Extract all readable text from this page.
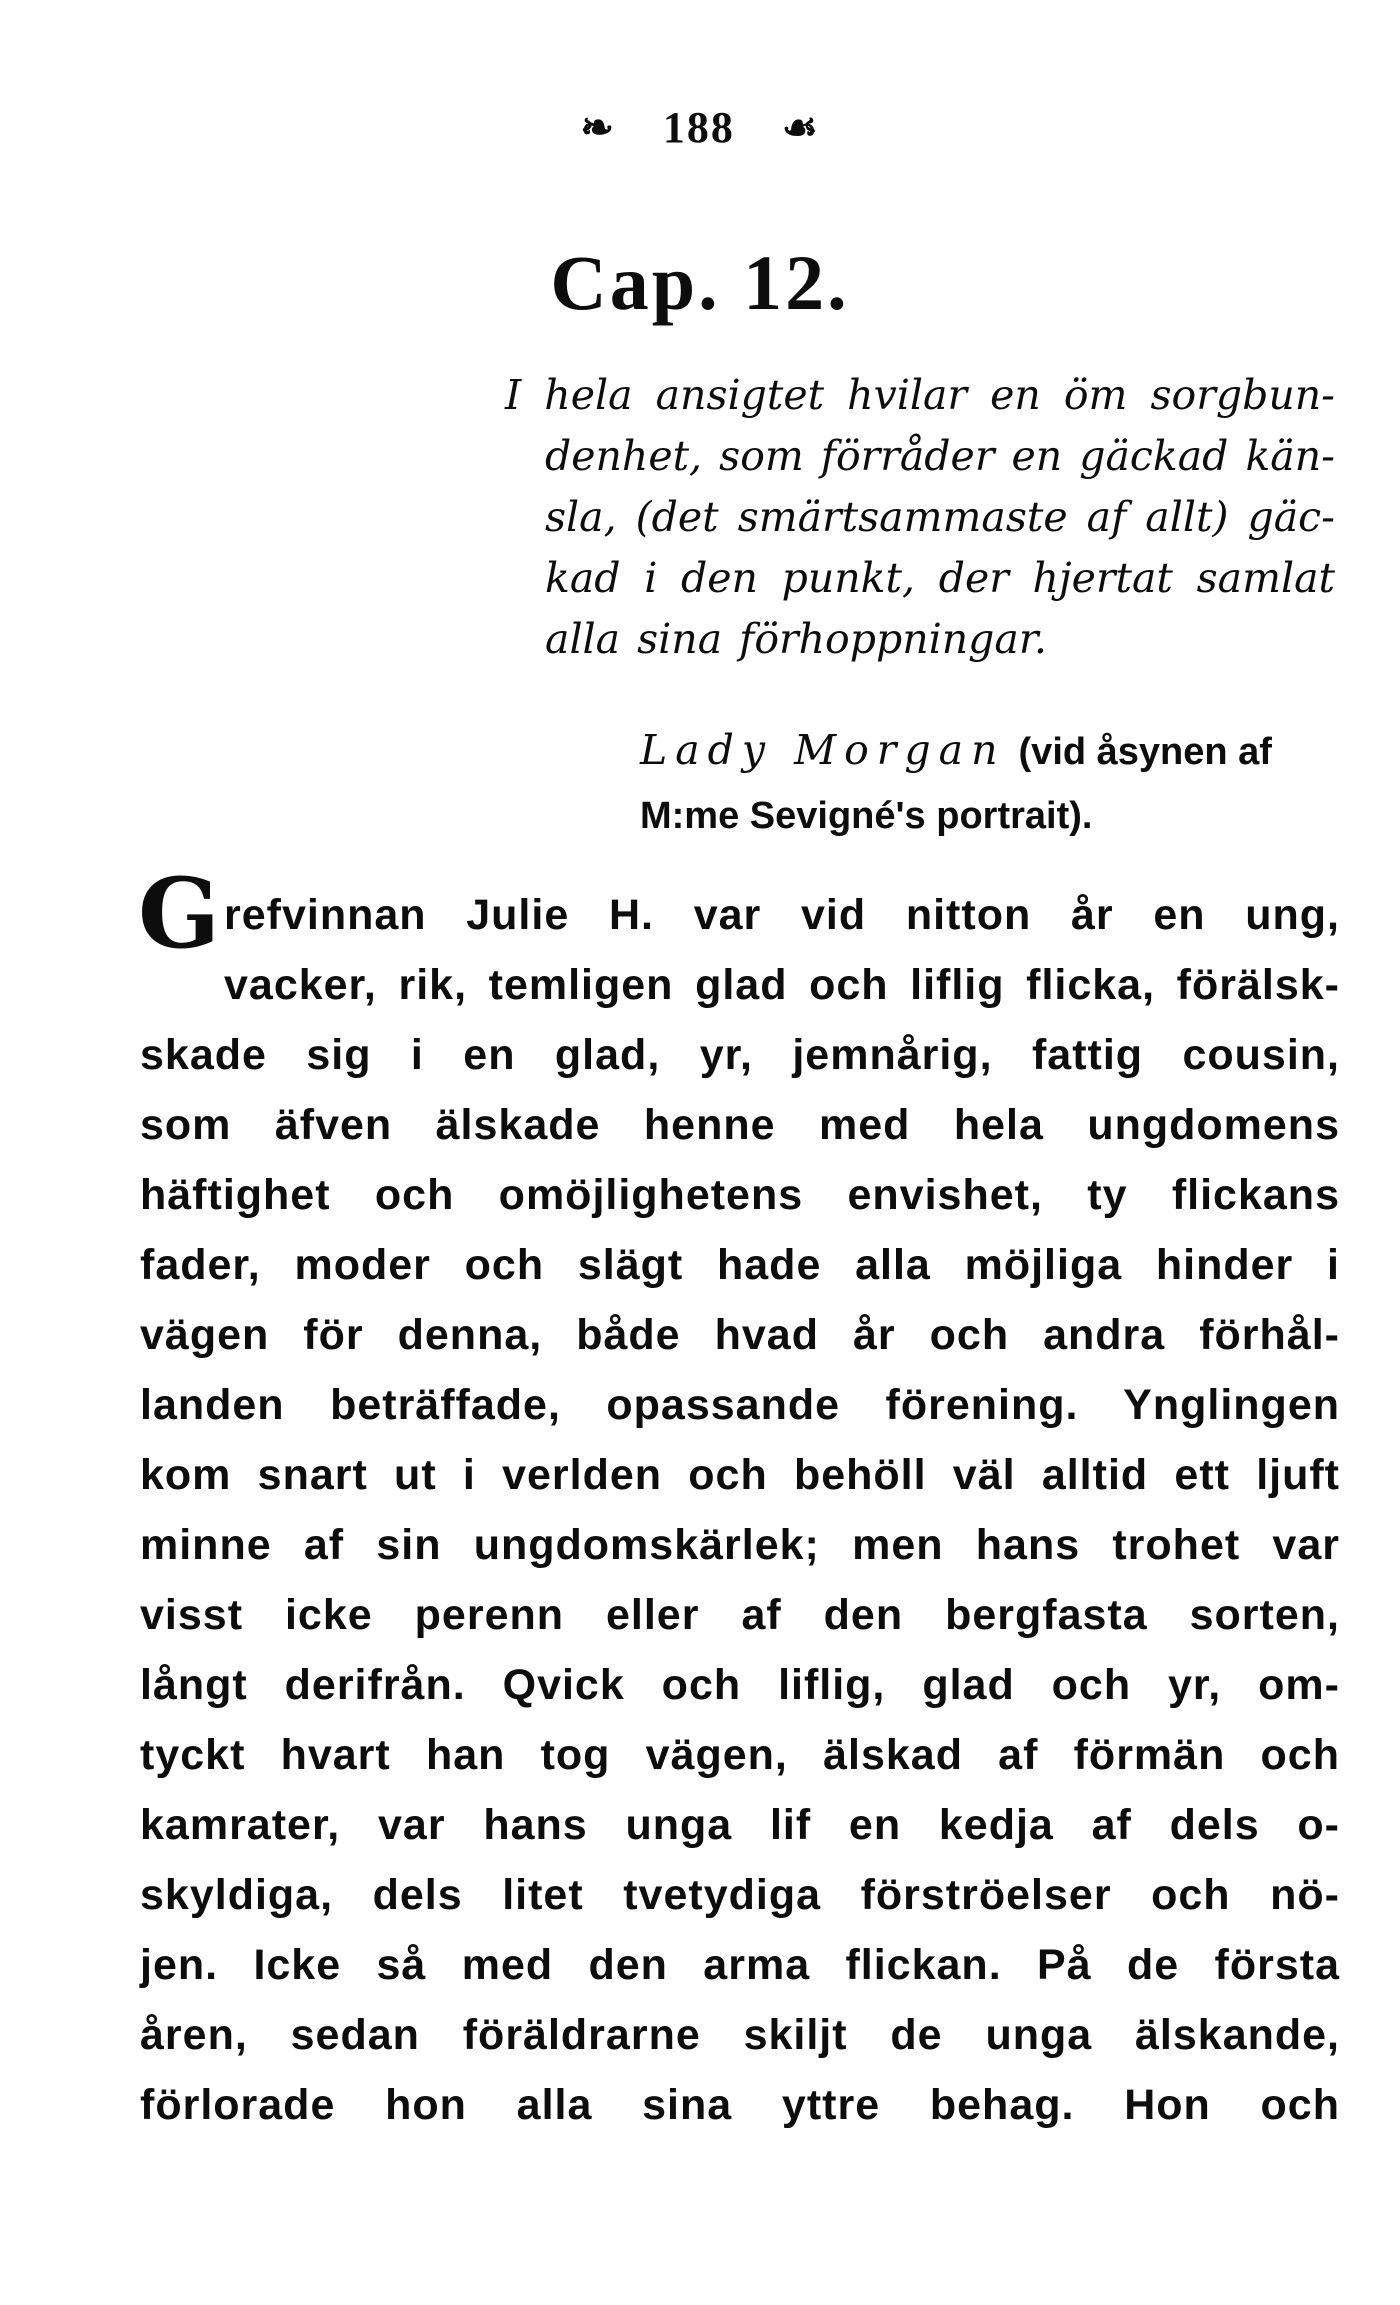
❧ 188 ☙
Cap. 12.
I hela ansigtet hvilar en öm sorgbun-
denhet, som förråder en gäckad kän-
sla, (det smärtsammaste af allt) gäc-
kad i den punkt, der hjertat samlat
alla sina förhoppningar.
Lady Morgan (vid åsynen af
M:me Sevigné's portrait).
G refvinnan Julie H. var vid nitton år en ung,
vacker, rik, temligen glad och liflig flicka, förälsk-
skade sig i en glad, yr, jemnårig, fattig cousin,
som äfven älskade henne med hela ungdomens
häftighet och omöjlighetens envishet, ty flickans
fader, moder och slägt hade alla möjliga hinder i
vägen för denna, både hvad år och andra förhål-
landen beträffade, opassande förening. Ynglingen
kom snart ut i verlden och behöll väl alltid ett ljuft
minne af sin ungdomskärlek; men hans trohet var
visst icke perenn eller af den bergfasta sorten,
långt derifrån. Qvick och liflig, glad och yr, om-
tyckt hvart han tog vägen, älskad af förmän och
kamrater, var hans unga lif en kedja af dels o-
skyldiga, dels litet tvetydiga förströelser och nö-
jen. Icke så med den arma flickan. På de första
åren, sedan föräldrarne skiljt de unga älskande,
förlorade hon alla sina yttre behag. Hon och
